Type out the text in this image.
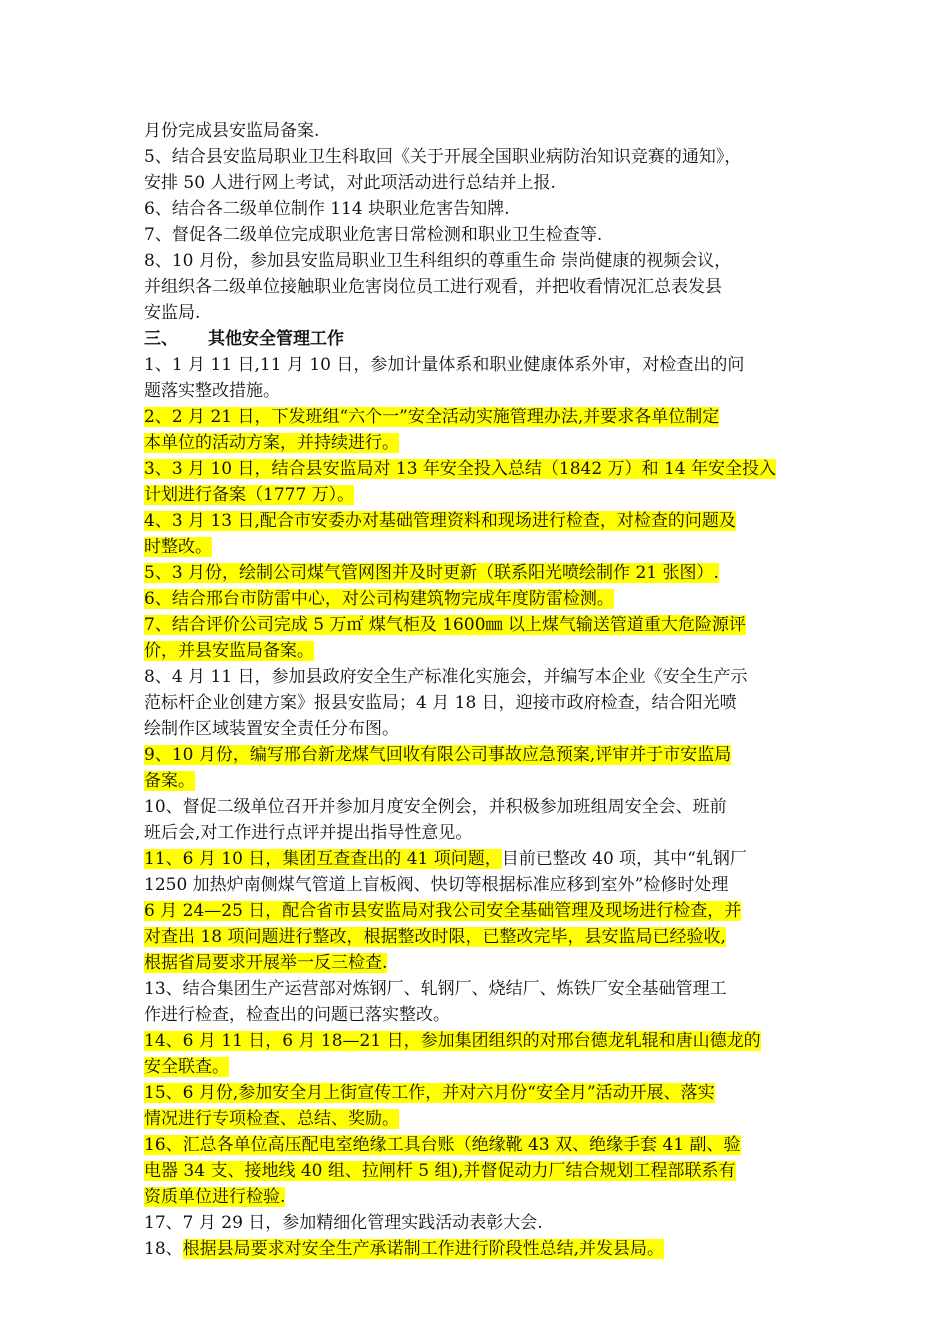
月份完成县安监局备案.
5、结合县安监局职业卫生科取回《关于开展全国职业病防治知识竞赛的通知》，
安排 50 人进行网上考试，对此项活动进行总结并上报.
6、结合各二级单位制作 114 块职业危害告知牌.
7、督促各二级单位完成职业危害日常检测和职业卫生检查等.
8、10 月份，参加县安监局职业卫生科组织的尊重生命 崇尚健康的视频会议，
并组织各二级单位接触职业危害岗位员工进行观看，并把收看情况汇总表发县
安监局.
三、 其他安全管理工作
1、1 月 11 日,11 月 10 日，参加计量体系和职业健康体系外审，对检查出的问
题落实整改措施。
2、2 月 21 日，下发班组“六个一”安全活动实施管理办法,并要求各单位制定
本单位的活动方案，并持续进行。
3、3 月 10 日，结合县安监局对 13 年安全投入总结（1842 万）和 14 年安全投入
计划进行备案（1777 万）。
4、3 月 13 日,配合市安委办对基础管理资料和现场进行检查，对检查的问题及
时整改。
5、3 月份，绘制公司煤气管网图并及时更新（联系阳光喷绘制作 21 张图）.
6、结合邢台市防雷中心，对公司构建筑物完成年度防雷检测。
7、结合评价公司完成 5 万㎡ 煤气柜及 1600㎜ 以上煤气输送管道重大危险源评
价，并县安监局备案。
8、4 月 11 日，参加县政府安全生产标准化实施会，并编写本企业《安全生产示
范标杆企业创建方案》报县安监局；4 月 18 日，迎接市政府检查，结合阳光喷
绘制作区域装置安全责任分布图。
9、10 月份，编写邢台新龙煤气回收有限公司事故应急预案,评审并于市安监局
备案。
10、督促二级单位召开并参加月度安全例会，并积极参加班组周安全会、班前
班后会,对工作进行点评并提出指导性意见。
11、6 月 10 日，集团互查查出的 41 项问题，目前已整改 40 项，其中“轧钢厂
1250 加热炉南侧煤气管道上盲板阀、快切等根据标准应移到室外”检修时处理
6 月 24—25 日，配合省市县安监局对我公司安全基础管理及现场进行检查，并
对查出 18 项问题进行整改，根据整改时限，已整改完毕，县安监局已经验收,
根据省局要求开展举一反三检查.
13、结合集团生产运营部对炼钢厂、轧钢厂、烧结厂、炼铁厂安全基础管理工
作进行检查，检查出的问题已落实整改。
14、6 月 11 日，6 月 18—21 日，参加集团组织的对邢台德龙轧辊和唐山德龙的
安全联查。
15、6 月份,参加安全月上街宣传工作，并对六月份“安全月”活动开展、落实
情况进行专项检查、总结、奖励。
16、汇总各单位高压配电室绝缘工具台账（绝缘靴 43 双、绝缘手套 41 副、验
电器 34 支、接地线 40 组、拉闸杆 5 组),并督促动力厂结合规划工程部联系有
资质单位进行检验.
17、7 月 29 日，参加精细化管理实践活动表彰大会.
18、根据县局要求对安全生产承诺制工作进行阶段性总结,并发县局。
